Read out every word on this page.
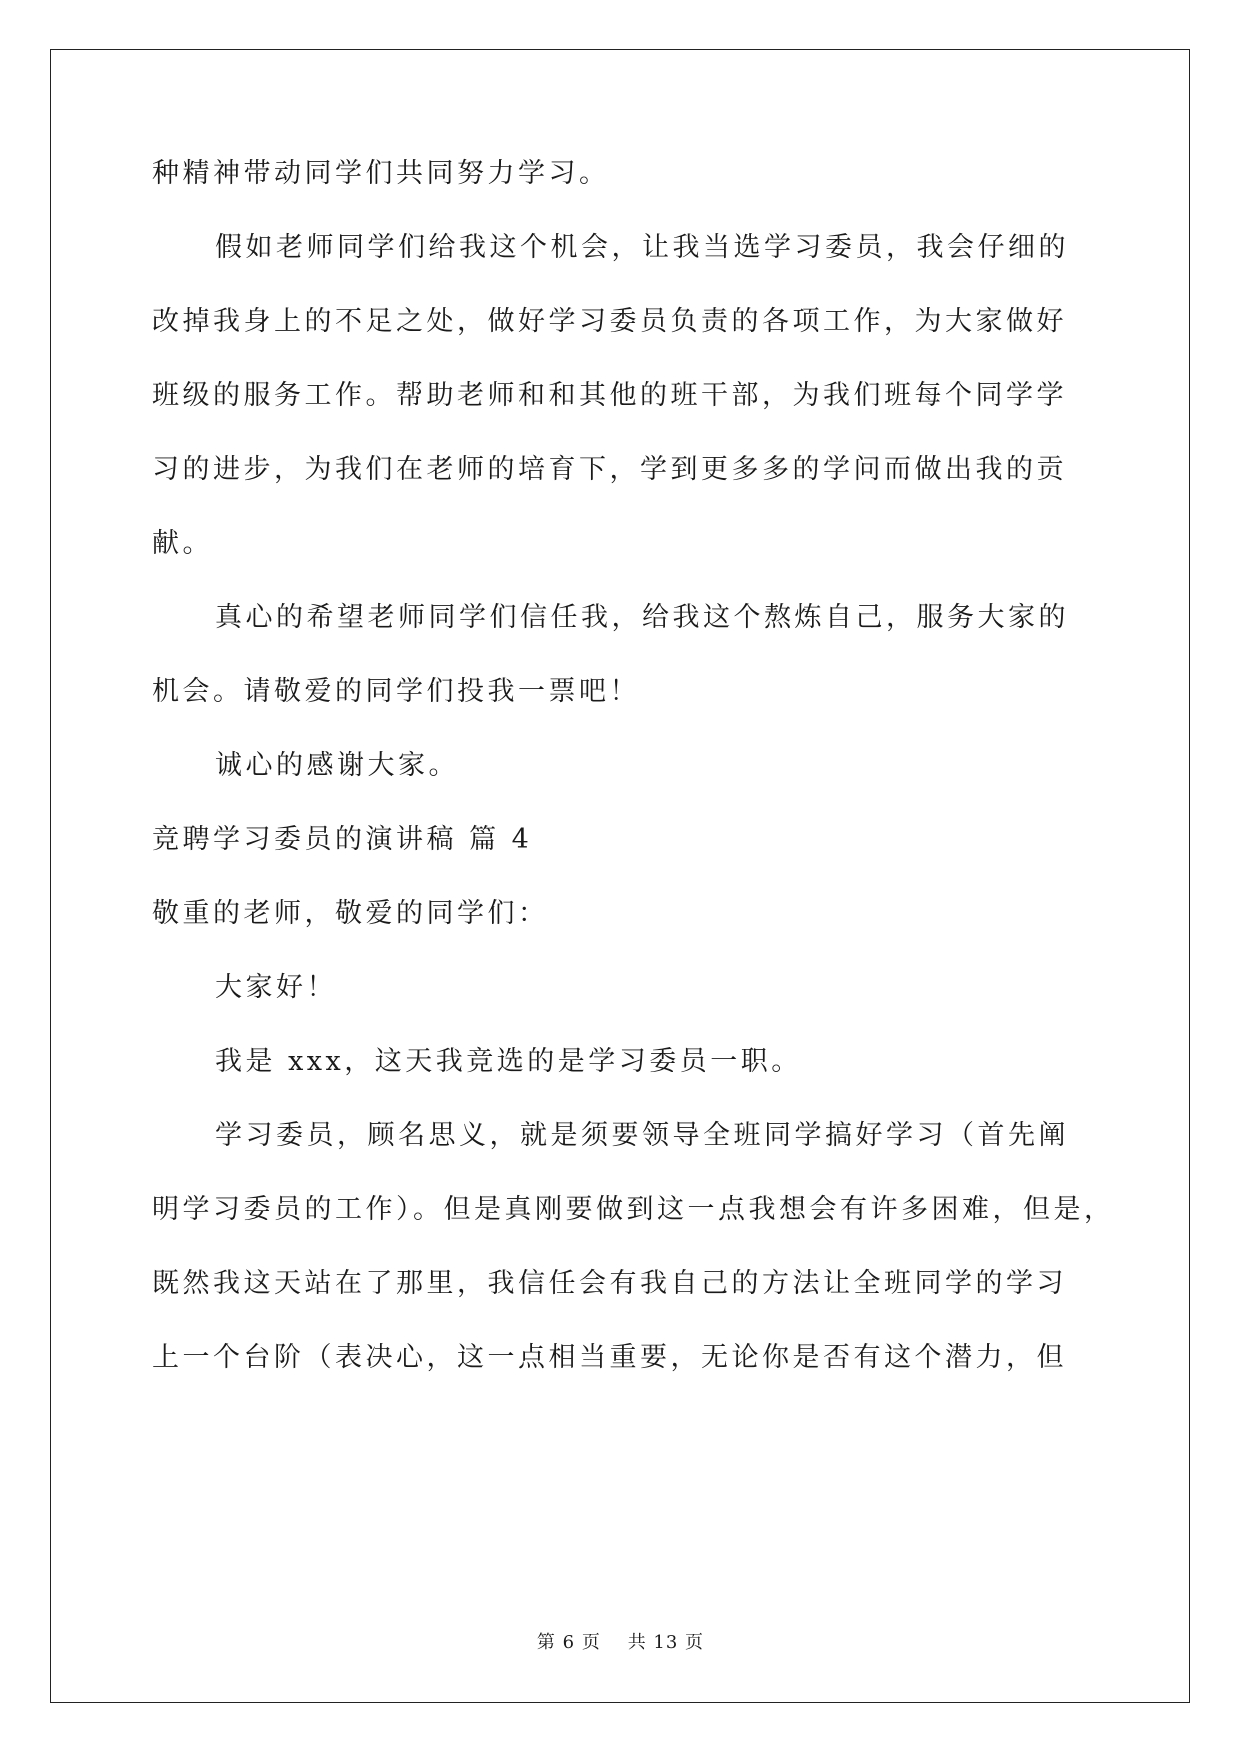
种精神带动同学们共同努力学习。
假如老师同学们给我这个机会，让我当选学习委员，我会仔细的
改掉我身上的不足之处，做好学习委员负责的各项工作，为大家做好
班级的服务工作。帮助老师和和其他的班干部，为我们班每个同学学
习的进步，为我们在老师的培育下，学到更多多的学问而做出我的贡
献。
真心的希望老师同学们信任我，给我这个熬炼自己，服务大家的
机会。请敬爱的同学们投我一票吧！
诚心的感谢大家。
竞聘学习委员的演讲稿 篇 4
敬重的老师，敬爱的同学们：
大家好！
我是 xxx，这天我竞选的是学习委员一职。
学习委员，顾名思义，就是须要领导全班同学搞好学习（首先阐
明学习委员的工作）。但是真刚要做到这一点我想会有许多困难，但是，
既然我这天站在了那里，我信任会有我自己的方法让全班同学的学习
上一个台阶（表决心，这一点相当重要，无论你是否有这个潜力，但
第 6 页    共 13 页
